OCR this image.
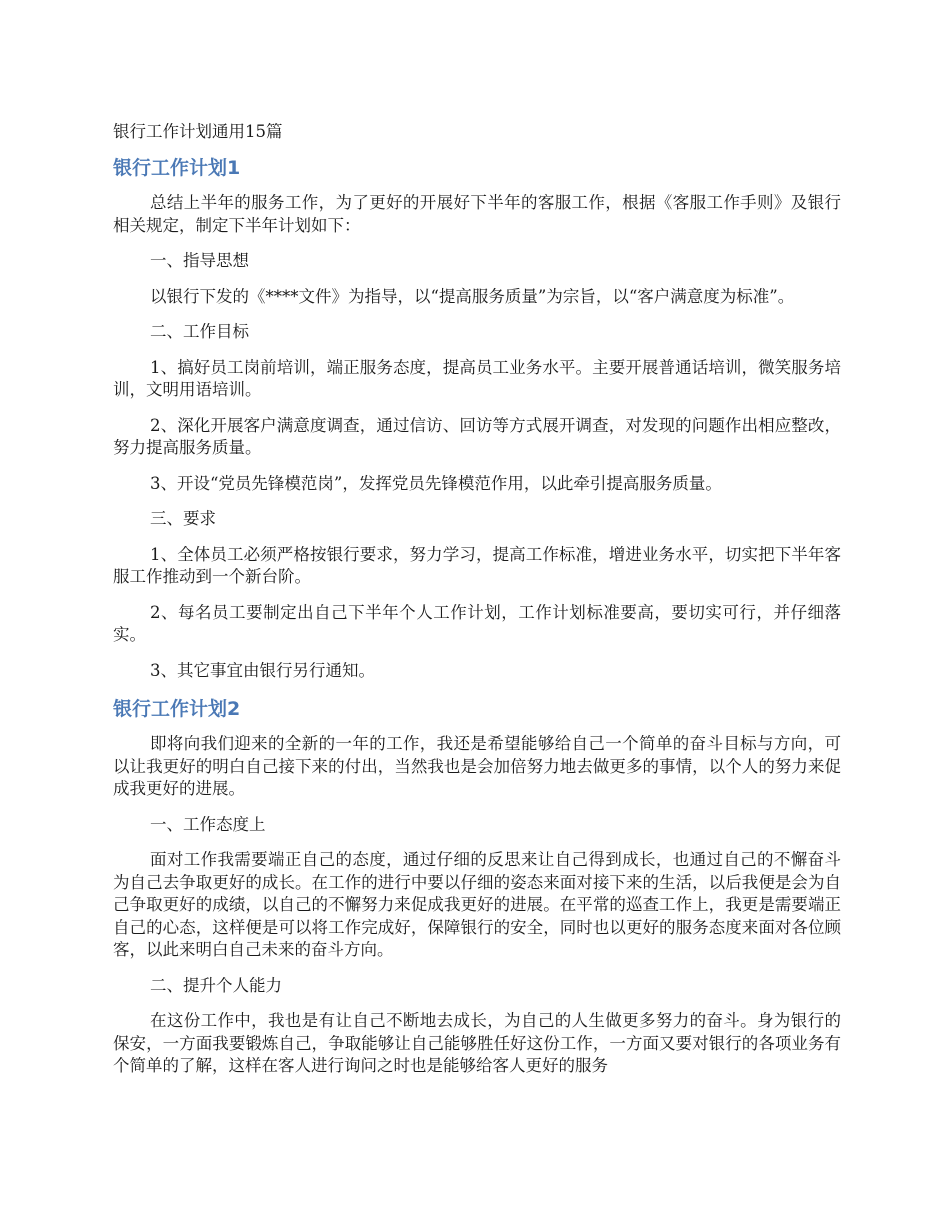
银行工作计划通用15篇
银行工作计划1

总结上半年的服务工作，为了更好的开展好下半年的客服工作，根据《客服工作手则》及银行相关规定，制定下半年计划如下：

一、指导思想

以银行下发的《****文件》为指导，以“提高服务质量”为宗旨，以“客户满意度为标准”。

二、工作目标

1、搞好员工岗前培训，端正服务态度，提高员工业务水平。主要开展普通话培训，微笑服务培训，文明用语培训。

2、深化开展客户满意度调查，通过信访、回访等方式展开调查，对发现的问题作出相应整改，努力提高服务质量。

3、开设“党员先锋模范岗”，发挥党员先锋模范作用，以此牵引提高服务质量。

三、要求

1、全体员工必须严格按银行要求，努力学习，提高工作标准，增进业务水平，切实把下半年客服工作推动到一个新台阶。

2、每名员工要制定出自己下半年个人工作计划，工作计划标准要高，要切实可行，并仔细落实。

3、其它事宜由银行另行通知。

银行工作计划2

即将向我们迎来的全新的一年的工作，我还是希望能够给自己一个简单的奋斗目标与方向，可以让我更好的明白自己接下来的付出，当然我也是会加倍努力地去做更多的事情，以个人的努力来促成我更好的进展。

一、工作态度上

面对工作我需要端正自己的态度，通过仔细的反思来让自己得到成长，也通过自己的不懈奋斗为自己去争取更好的成长。在工作的进行中要以仔细的姿态来面对接下来的生活，以后我便是会为自己争取更好的成绩，以自己的不懈努力来促成我更好的进展。在平常的巡查工作上，我更是需要端正自己的心态，这样便是可以将工作完成好，保障银行的安全，同时也以更好的服务态度来面对各位顾客，以此来明白自己未来的奋斗方向。

二、提升个人能力

在这份工作中，我也是有让自己不断地去成长，为自己的人生做更多努力的奋斗。身为银行的保安，一方面我要锻炼自己，争取能够让自己能够胜任好这份工作，一方面又要对银行的各项业务有个简单的了解，这样在客人进行询问之时也是能够给客人更好的服务
